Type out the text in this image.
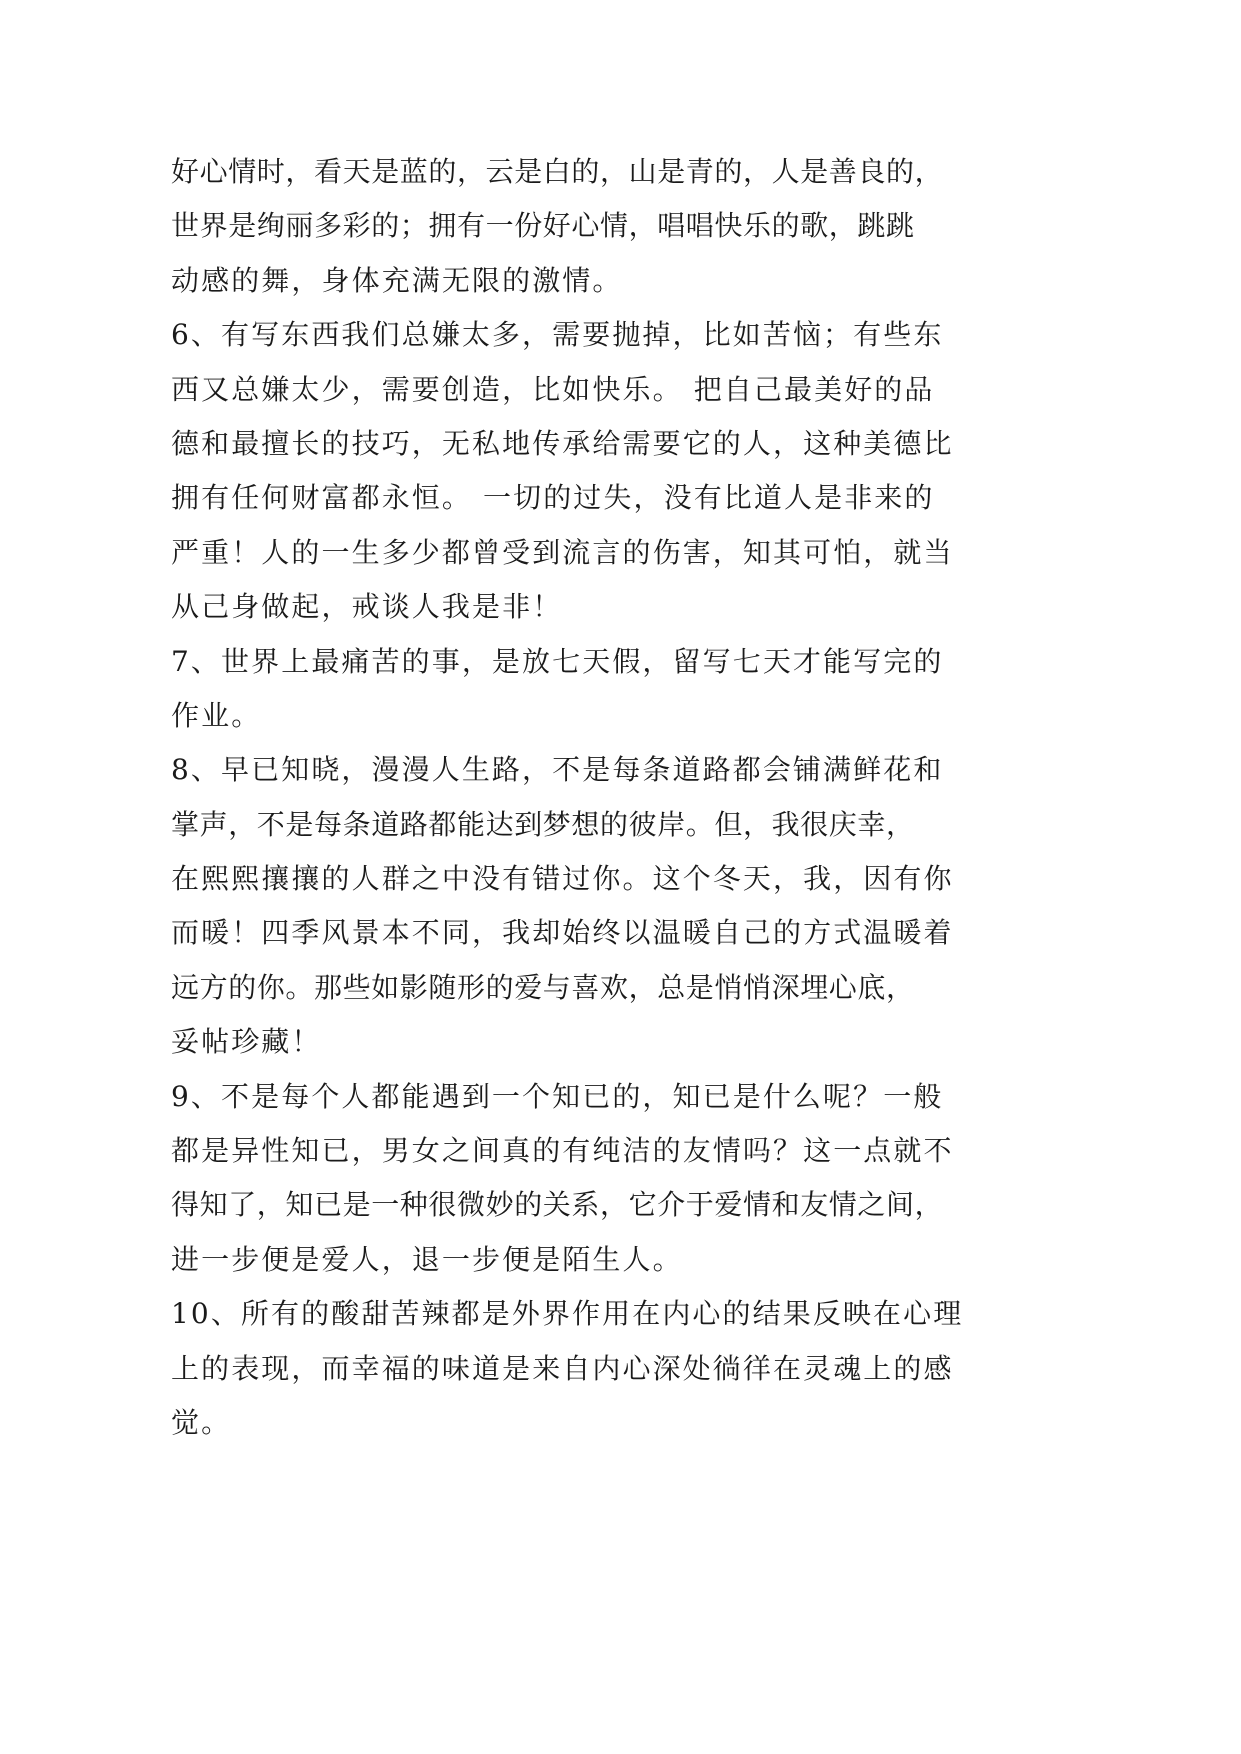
好心情时，看天是蓝的，云是白的，山是青的，人是善良的，
世界是绚丽多彩的；拥有一份好心情，唱唱快乐的歌，跳跳
动感的舞，身体充满无限的激情。
6、有写东西我们总嫌太多，需要抛掉，比如苦恼；有些东
西又总嫌太少，需要创造，比如快乐。 把自己最美好的品
德和最擅长的技巧，无私地传承给需要它的人，这种美德比
拥有任何财富都永恒。 一切的过失，没有比道人是非来的
严重！人的一生多少都曾受到流言的伤害，知其可怕，就当
从己身做起，戒谈人我是非！
7、世界上最痛苦的事，是放七天假，留写七天才能写完的
作业。
8、早已知晓，漫漫人生路，不是每条道路都会铺满鲜花和
掌声，不是每条道路都能达到梦想的彼岸。但，我很庆幸，
在熙熙攘攘的人群之中没有错过你。这个冬天，我，因有你
而暖！四季风景本不同，我却始终以温暖自己的方式温暖着
远方的你。那些如影随形的爱与喜欢，总是悄悄深埋心底，
妥帖珍藏！
9、不是每个人都能遇到一个知已的，知已是什么呢？一般
都是异性知已，男女之间真的有纯洁的友情吗？这一点就不
得知了，知已是一种很微妙的关系，它介于爱情和友情之间，
进一步便是爱人，退一步便是陌生人。
10、所有的酸甜苦辣都是外界作用在内心的结果反映在心理
上的表现，而幸福的味道是来自内心深处徜徉在灵魂上的感
觉。
